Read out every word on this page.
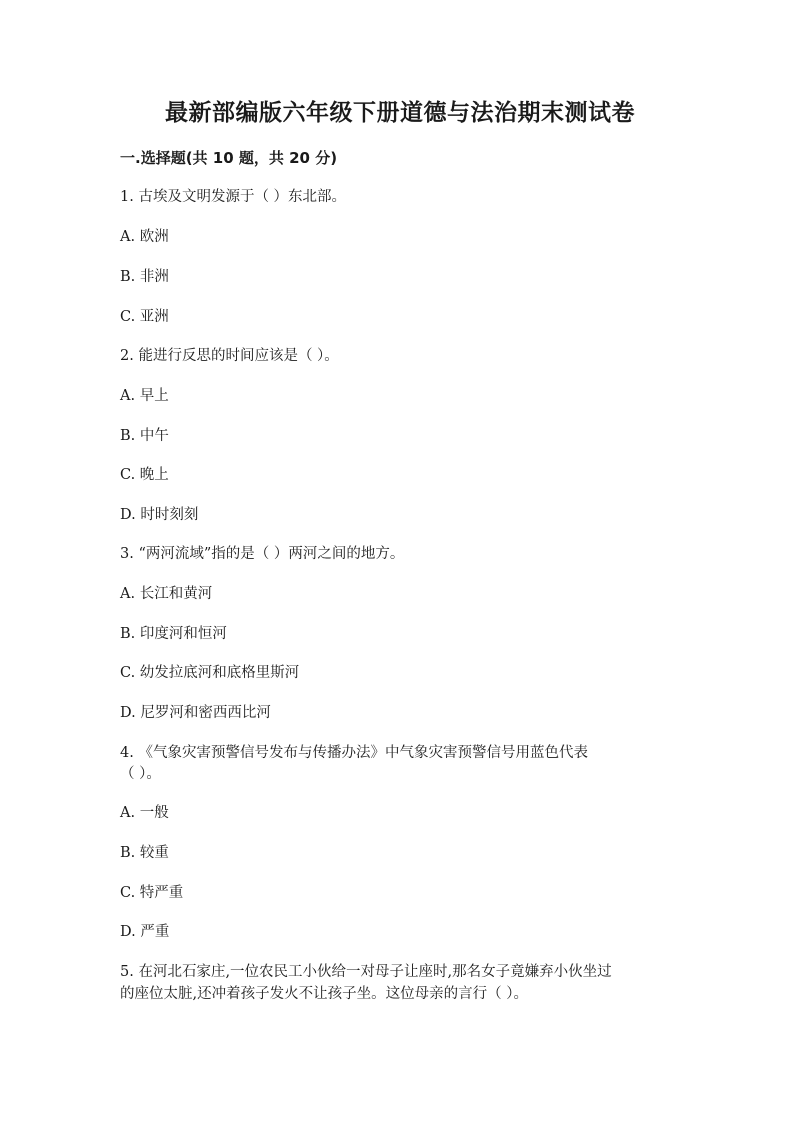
最新部编版六年级下册道德与法治期末测试卷
一.选择题(共 10 题，共 20 分)
1. 古埃及文明发源于（ ）东北部。
A. 欧洲
B. 非洲
C. 亚洲
2. 能进行反思的时间应该是（ ）。
A. 早上
B. 中午
C. 晚上
D. 时时刻刻
3. “两河流域”指的是（ ）两河之间的地方。
A. 长江和黄河
B. 印度河和恒河
C. 幼发拉底河和底格里斯河
D. 尼罗河和密西西比河
4. 《气象灾害预警信号发布与传播办法》中气象灾害预警信号用蓝色代表
（ ）。
A. 一般
B. 较重
C. 特严重
D. 严重
5. 在河北石家庄,一位农民工小伙给一对母子让座时,那名女子竟嫌弃小伙坐过
的座位太脏,还冲着孩子发火不让孩子坐。这位母亲的言行（ ）。
